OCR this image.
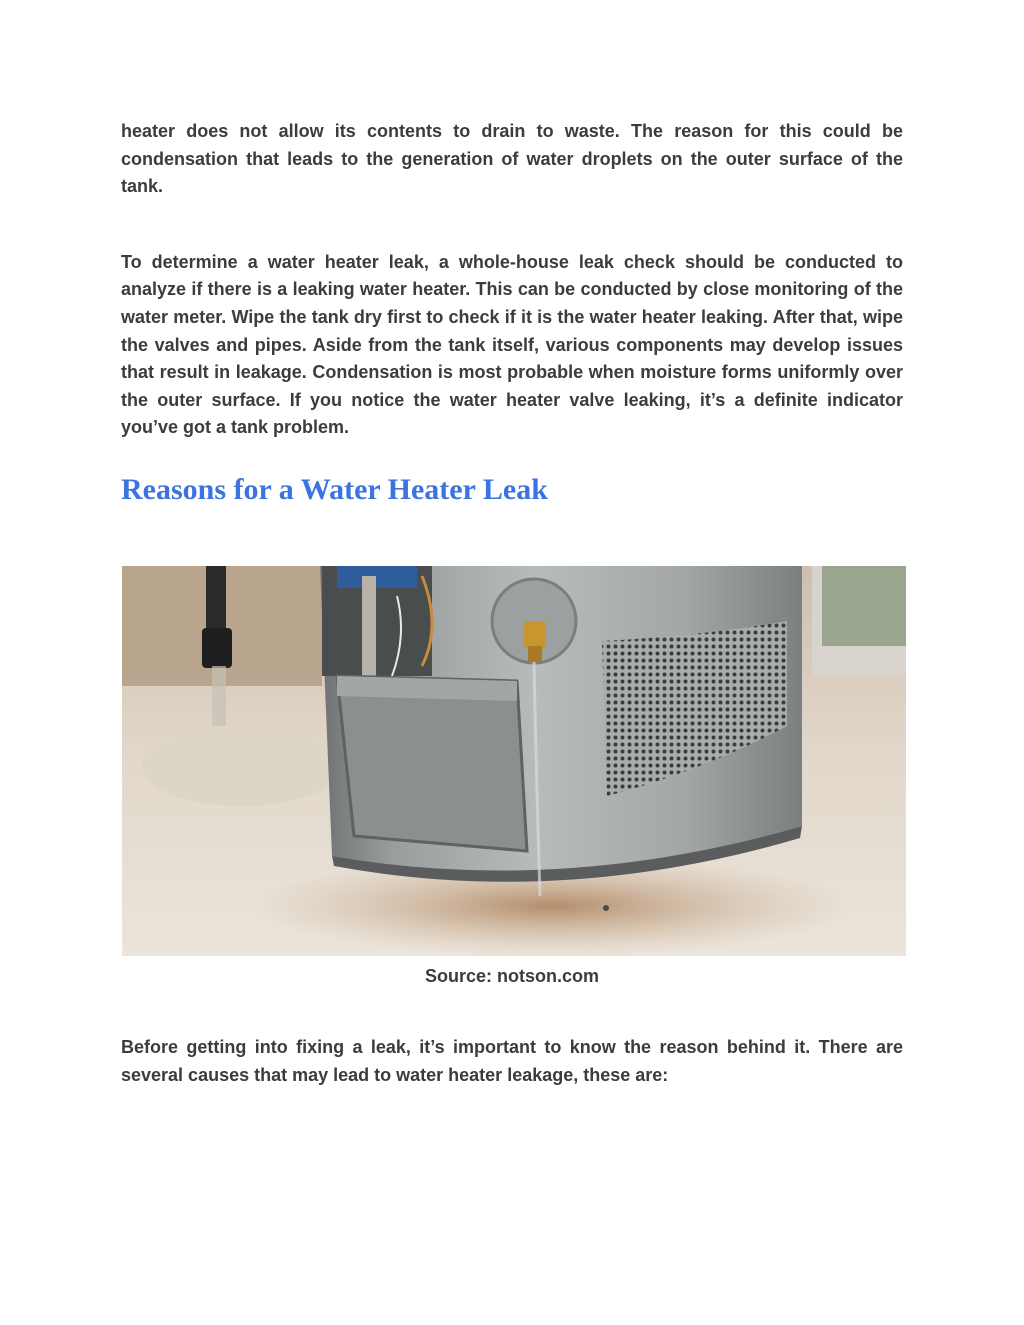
heater does not allow its contents to drain to waste. The reason for this could be condensation that leads to the generation of water droplets on the outer surface of the tank.

To determine a water heater leak, a whole-house leak check should be conducted to analyze if there is a leaking water heater. This can be conducted by close monitoring of the water meter. Wipe the tank dry first to check if it is the water heater leaking. After that, wipe the valves and pipes. Aside from the tank itself, various components may develop issues that result in leakage. Condensation is most probable when moisture forms uniformly over the outer surface. If you notice the water heater valve leaking, it’s a definite indicator you’ve got a tank problem.

Reasons for a Water Heater Leak

Source: notson.com

Before getting into fixing a leak, it’s important to know the reason behind it. There are several causes that may lead to water heater leakage, these are:
